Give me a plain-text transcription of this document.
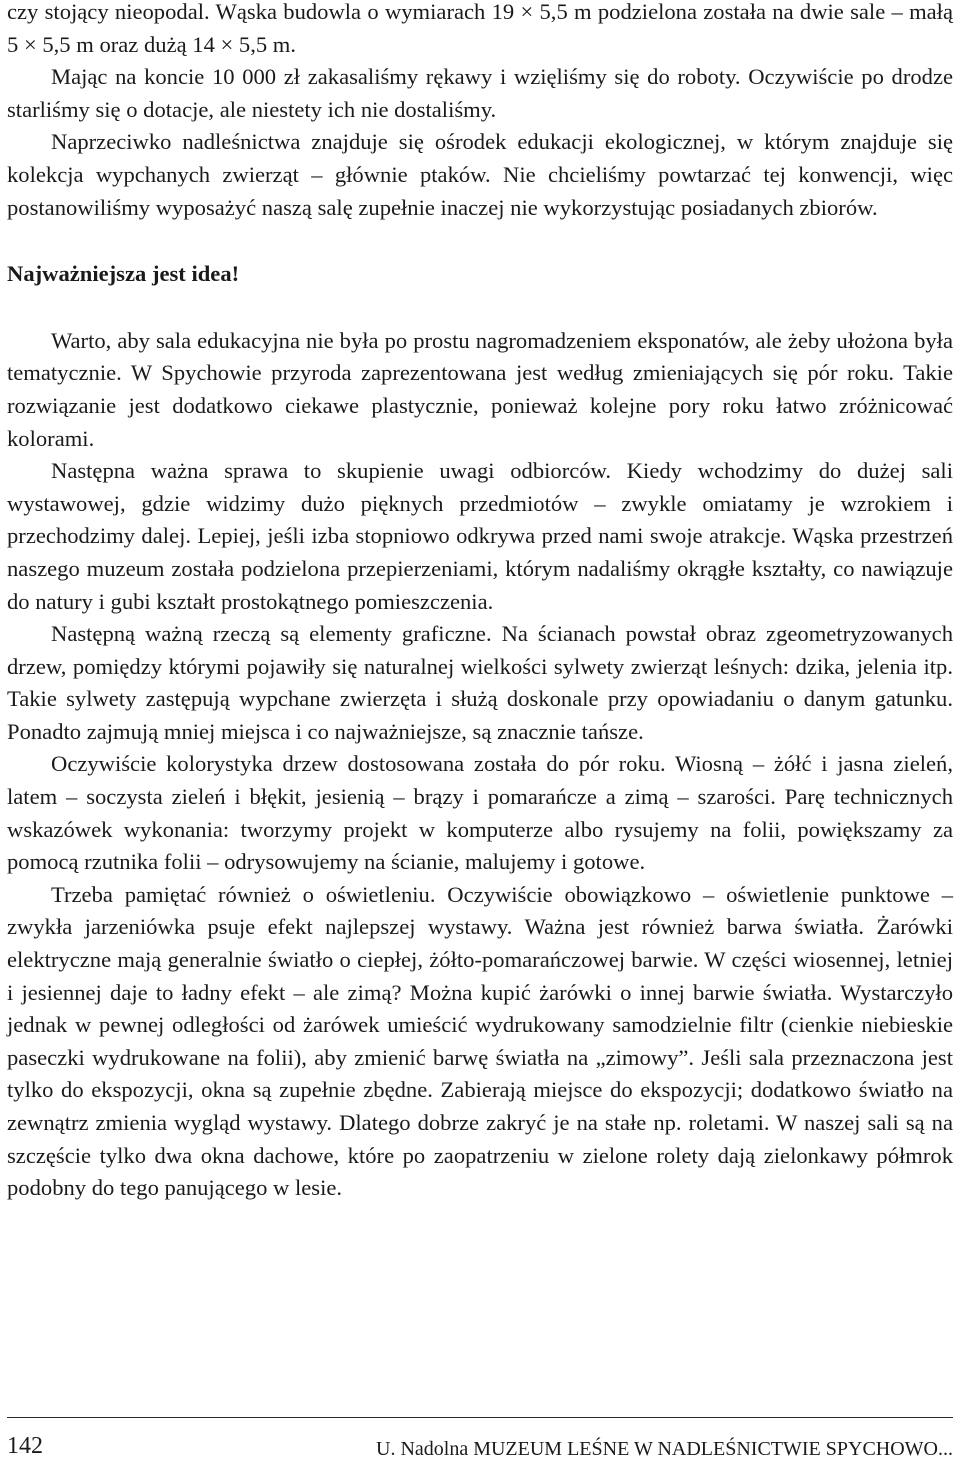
czy stojący nieopodal. Wąska budowla o wymiarach 19 × 5,5 m podzielona została na dwie sale – małą 5 × 5,5 m oraz dużą 14 × 5,5 m.

Mając na koncie 10 000 zł zakasaliśmy rękawy i wzięliśmy się do roboty. Oczywiście po drodze starliśmy się o dotacje, ale niestety ich nie dostaliśmy.

Naprzeciwko nadleśnictwa znajduje się ośrodek edukacji ekologicznej, w którym znajduje się kolekcja wypchanych zwierząt – głównie ptaków. Nie chcieliśmy powtarzać tej konwencji, więc postanowiliśmy wyposażyć naszą salę zupełnie inaczej nie wykorzystując posiadanych zbiorów.

Najważniejsza jest idea!

Warto, aby sala edukacyjna nie była po prostu nagromadzeniem eksponatów, ale żeby ułożona była tematycznie. W Spychowie przyroda zaprezentowana jest według zmieniających się pór roku. Takie rozwiązanie jest dodatkowo ciekawe plastycznie, ponieważ kolejne pory roku łatwo zróżnicować kolorami.

Następna ważna sprawa to skupienie uwagi odbiorców. Kiedy wchodzimy do dużej sali wystawowej, gdzie widzimy dużo pięknych przedmiotów – zwykle omiatamy je wzrokiem i przechodzimy dalej. Lepiej, jeśli izba stopniowo odkrywa przed nami swoje atrakcje. Wąska przestrzeń naszego muzeum została podzielona przepierzeniami, którym nadaliśmy okrągłe kształty, co nawiązuje do natury i gubi kształt prostokątnego pomieszczenia.

Następną ważną rzeczą są elementy graficzne. Na ścianach powstał obraz zgeometryzowanych drzew, pomiędzy którymi pojawiły się naturalnej wielkości sylwety zwierząt leśnych: dzika, jelenia itp. Takie sylwety zastępują wypchane zwierzęta i służą doskonale przy opowiadaniu o danym gatunku. Ponadto zajmują mniej miejsca i co najważniejsze, są znacznie tańsze.

Oczywiście kolorystyka drzew dostosowana została do pór roku. Wiosną – żółć i jasna zieleń, latem – soczysta zieleń i błękit, jesienią – brązy i pomarańcze a zimą – szarości. Parę technicznych wskazówek wykonania: tworzymy projekt w komputerze albo rysujemy na folii, powiększamy za pomocą rzutnika folii – odrysowujemy na ścianie, malujemy i gotowe.

Trzeba pamiętać również o oświetleniu. Oczywiście obowiązkowo – oświetlenie punktowe – zwykła jarzeniówka psuje efekt najlepszej wystawy. Ważna jest również barwa światła. Żarówki elektryczne mają generalnie światło o ciepłej, żółto-pomarańczowej barwie. W części wiosennej, letniej i jesiennej daje to ładny efekt – ale zimą? Można kupić żarówki o innej barwie światła. Wystarczyło jednak w pewnej odległości od żarówek umieścić wydrukowany samodzielnie filtr (cienkie niebieskie paseczki wydrukowane na folii), aby zmienić barwę światła na „zimowy”. Jeśli sala przeznaczona jest tylko do ekspozycji, okna są zupełnie zbędne. Zabierają miejsce do ekspozycji; dodatkowo światło na zewnątrz zmienia wygląd wystawy. Dlatego dobrze zakryć je na stałe np. roletami. W naszej sali są na szczęście tylko dwa okna dachowe, które po zaopatrzeniu w zielone rolety dają zielonkawy półmrok podobny do tego panującego w lesie.

142	U. Nadolna MUZEUM LEŚNE W NADLEŚNICTWIE SPYCHOWO...
